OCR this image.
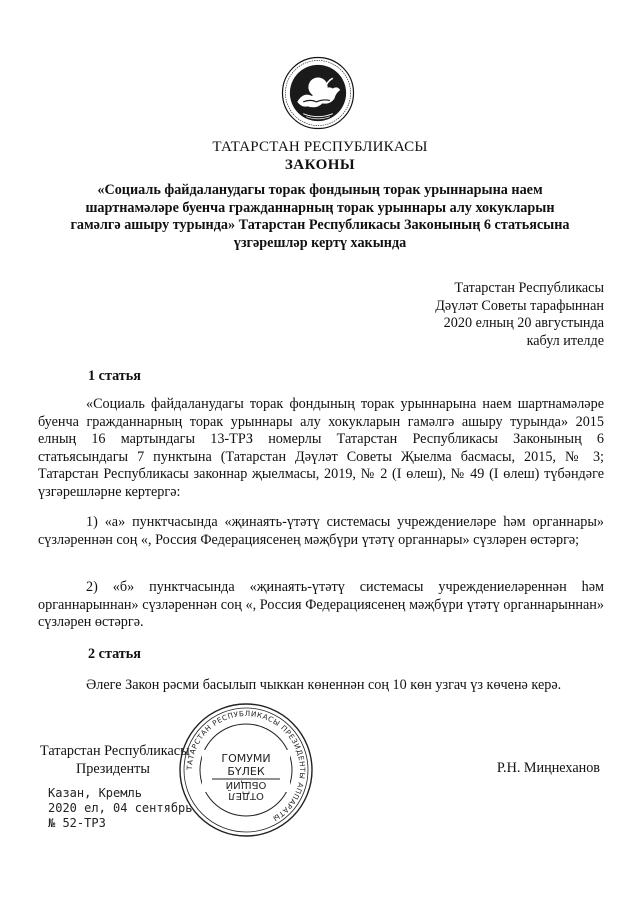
ТАТАРСТАН РЕСПУБЛИКАСЫ
ЗАКОНЫ
«Социаль файдаланудагы торак фондының торак урыннарына наем
шартнамәләре буенча гражданнарның торак урыннары алу хокукларын
гамәлгә ашыру турында» Татарстан Республикасы Законының 6 статьясына
үзгәрешләр кертү хакында
Татарстан Республикасы
Дәүләт Советы тарафыннан
2020 елның 20 августында
кабул ителде
1 статья
«Социаль файдаланудагы торак фондының торак урыннарына наем шартнамәләре буенча гражданнарның торак урыннары алу хокукларын гамәлгә ашыру турында» 2015 елның 16 мартындагы 13-ТРЗ номерлы Татарстан Республикасы Законының 6 статьясындагы 7 пунктына (Татарстан Дәүләт Советы Җыелма басмасы, 2015, № 3; Татарстан Республикасы законнар җыелмасы, 2019, № 2 (I өлеш), № 49 (I өлеш) түбәндәге үзгәрешләрне кертергә:
1) «а» пунктчасында «җинаять-үтәтү системасы учреждениеләре һәм органнары» сүзләреннән соң «, Россия Федерациясенең мәҗбүри үтәтү органнары» сүзләрен өстәргә;
2) «б» пунктчасында «җинаять-үтәтү системасы учреждениеләреннән һәм органнарыннан» сүзләреннән соң «, Россия Федерациясенең мәҗбүри үтәтү органнарыннан» сүзләрен өстәргә.
2 статья
Әлеге Закон рәсми басылып чыккан көненнән соң 10 көн узгач үз көченә керә.
Татарстан Республикасы
Президенты	Р.Н. Миңнеханов
Казан, Кремль
2020 ел, 04 сентябрь
№ 52-ТРЗ
ТАТАРСТАН РЕСПУБЛИКАСЫ ПРЕЗИДЕНТЫ АППАРАТЫ
ГОМУМИ
БҮЛЕК
ОБЩИЙ
ОТДЕЛ
